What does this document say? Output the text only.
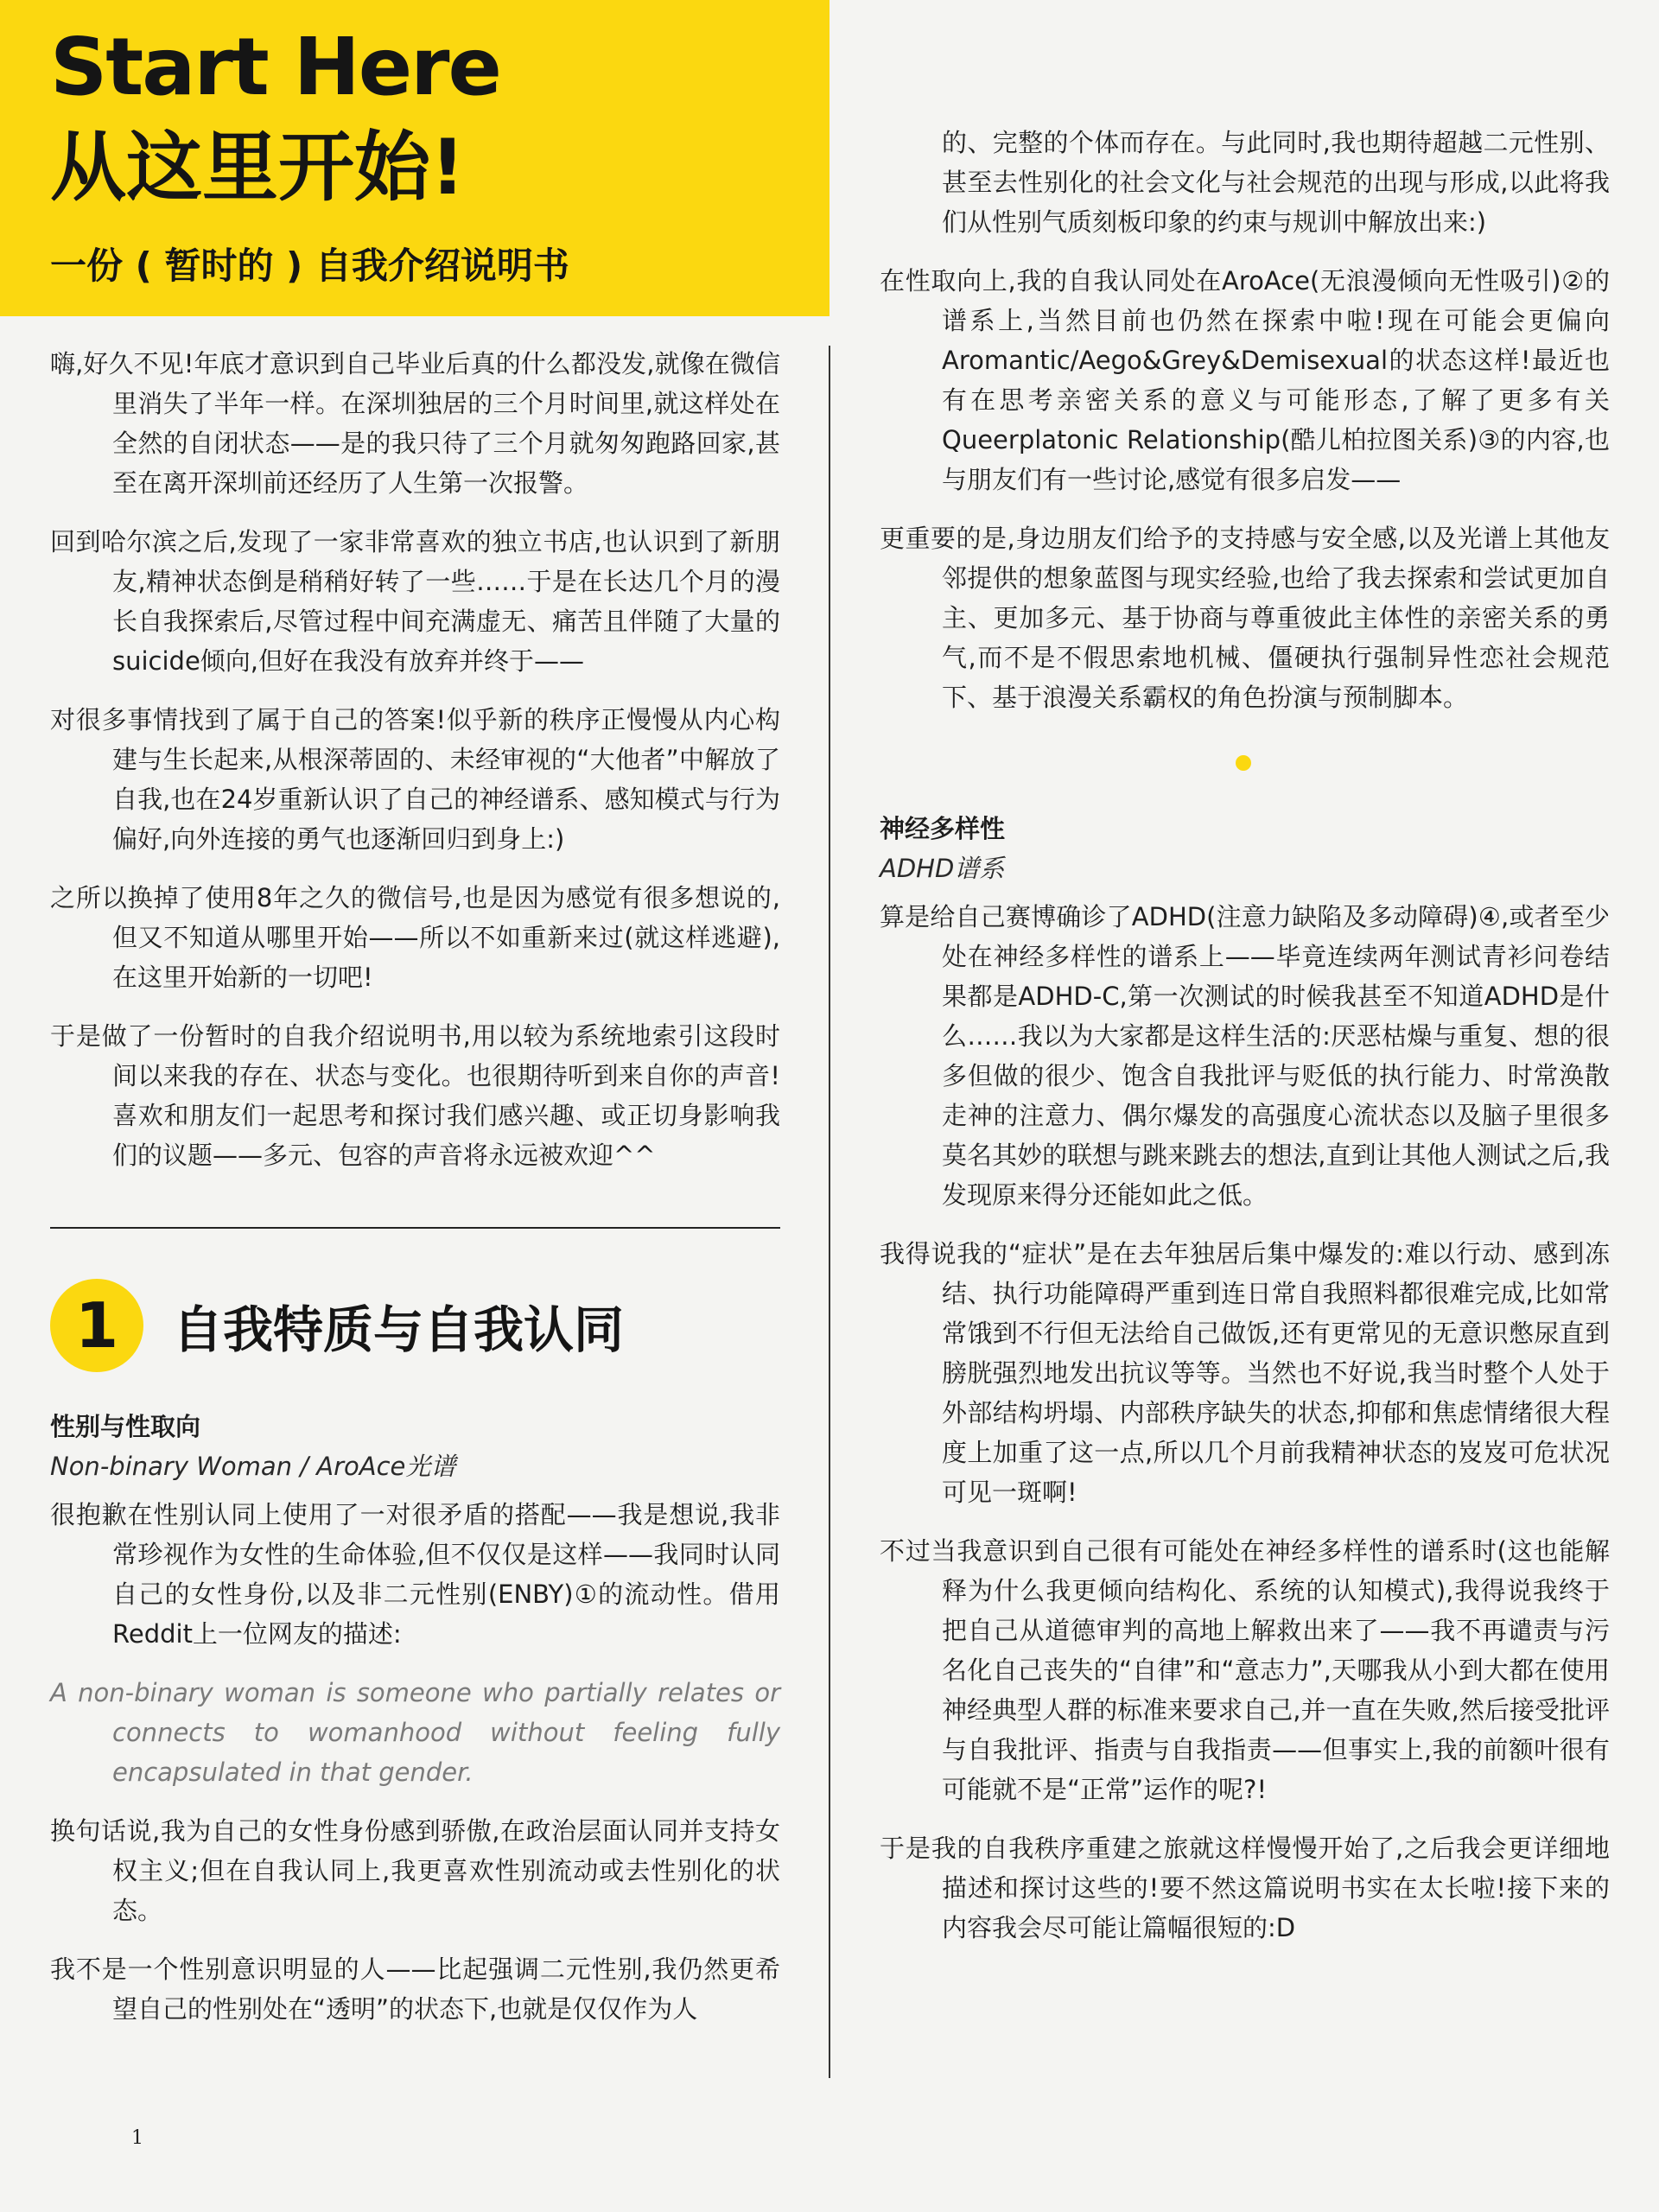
Start Here
从这里开始!
一份 ( 暂时的 ) 自我介绍说明书

嗨,好久不见!年底才意识到自己毕业后真的什么都没发,就像在微信里消失了半年一样。在深圳独居的三个月时间里,就这样处在全然的自闭状态——是的我只待了三个月就匆匆跑路回家,甚至在离开深圳前还经历了人生第一次报警。

回到哈尔滨之后,发现了一家非常喜欢的独立书店,也认识到了新朋友,精神状态倒是稍稍好转了一些……于是在长达几个月的漫长自我探索后,尽管过程中间充满虚无、痛苦且伴随了大量的suicide倾向,但好在我没有放弃并终于——

对很多事情找到了属于自己的答案!似乎新的秩序正慢慢从内心构建与生长起来,从根深蒂固的、未经审视的“大他者”中解放了自我,也在24岁重新认识了自己的神经谱系、感知模式与行为偏好,向外连接的勇气也逐渐回归到身上:)

之所以换掉了使用8年之久的微信号,也是因为感觉有很多想说的,但又不知道从哪里开始——所以不如重新来过(就这样逃避),在这里开始新的一切吧!

于是做了一份暂时的自我介绍说明书,用以较为系统地索引这段时间以来我的存在、状态与变化。也很期待听到来自你的声音!喜欢和朋友们一起思考和探讨我们感兴趣、或正切身影响我们的议题——多元、包容的声音将永远被欢迎^^

1	自我特质与自我认同
性别与性取向
Non-binary Woman / AroAce光谱

很抱歉在性别认同上使用了一对很矛盾的搭配——我是想说,我非常珍视作为女性的生命体验,但不仅仅是这样——我同时认同自己的女性身份,以及非二元性别(ENBY)①的流动性。借用Reddit上一位网友的描述:

A non-binary woman is someone who partially relates or connects to womanhood without feeling fully encapsulated in that gender.

换句话说,我为自己的女性身份感到骄傲,在政治层面认同并支持女权主义;但在自我认同上,我更喜欢性别流动或去性别化的状态。

我不是一个性别意识明显的人——比起强调二元性别,我仍然更希望自己的性别处在“透明”的状态下,也就是仅仅作为人

的、完整的个体而存在。与此同时,我也期待超越二元性别、甚至去性别化的社会文化与社会规范的出现与形成,以此将我们从性别气质刻板印象的约束与规训中解放出来:)

在性取向上,我的自我认同处在AroAce(无浪漫倾向无性吸引)②的谱系上,当然目前也仍然在探索中啦!现在可能会更偏向Aromantic/Aego&Grey&Demisexual的状态这样!最近也有在思考亲密关系的意义与可能形态,了解了更多有关Queerplatonic Relationship(酷儿柏拉图关系)③的内容,也与朋友们有一些讨论,感觉有很多启发——

更重要的是,身边朋友们给予的支持感与安全感,以及光谱上其他友邻提供的想象蓝图与现实经验,也给了我去探索和尝试更加自主、更加多元、基于协商与尊重彼此主体性的亲密关系的勇气,而不是不假思索地机械、僵硬执行强制异性恋社会规范下、基于浪漫关系霸权的角色扮演与预制脚本。

神经多样性
ADHD谱系

算是给自己赛博确诊了ADHD(注意力缺陷及多动障碍)④,或者至少处在神经多样性的谱系上——毕竟连续两年测试青衫问卷结果都是ADHD-C,第一次测试的时候我甚至不知道ADHD是什么……我以为大家都是这样生活的:厌恶枯燥与重复、想的很多但做的很少、饱含自我批评与贬低的执行能力、时常涣散走神的注意力、偶尔爆发的高强度心流状态以及脑子里很多莫名其妙的联想与跳来跳去的想法,直到让其他人测试之后,我发现原来得分还能如此之低。

我得说我的“症状”是在去年独居后集中爆发的:难以行动、感到冻结、执行功能障碍严重到连日常自我照料都很难完成,比如常常饿到不行但无法给自己做饭,还有更常见的无意识憋尿直到膀胱强烈地发出抗议等等。当然也不好说,我当时整个人处于外部结构坍塌、内部秩序缺失的状态,抑郁和焦虑情绪很大程度上加重了这一点,所以几个月前我精神状态的岌岌可危状况可见一斑啊!

不过当我意识到自己很有可能处在神经多样性的谱系时(这也能解释为什么我更倾向结构化、系统的认知模式),我得说我终于把自己从道德审判的高地上解救出来了——我不再谴责与污名化自己丧失的“自律”和“意志力”,天哪我从小到大都在使用神经典型人群的标准来要求自己,并一直在失败,然后接受批评与自我批评、指责与自我指责——但事实上,我的前额叶很有可能就不是“正常”运作的呢?!

于是我的自我秩序重建之旅就这样慢慢开始了,之后我会更详细地描述和探讨这些的!要不然这篇说明书实在太长啦!接下来的内容我会尽可能让篇幅很短的:D

1
